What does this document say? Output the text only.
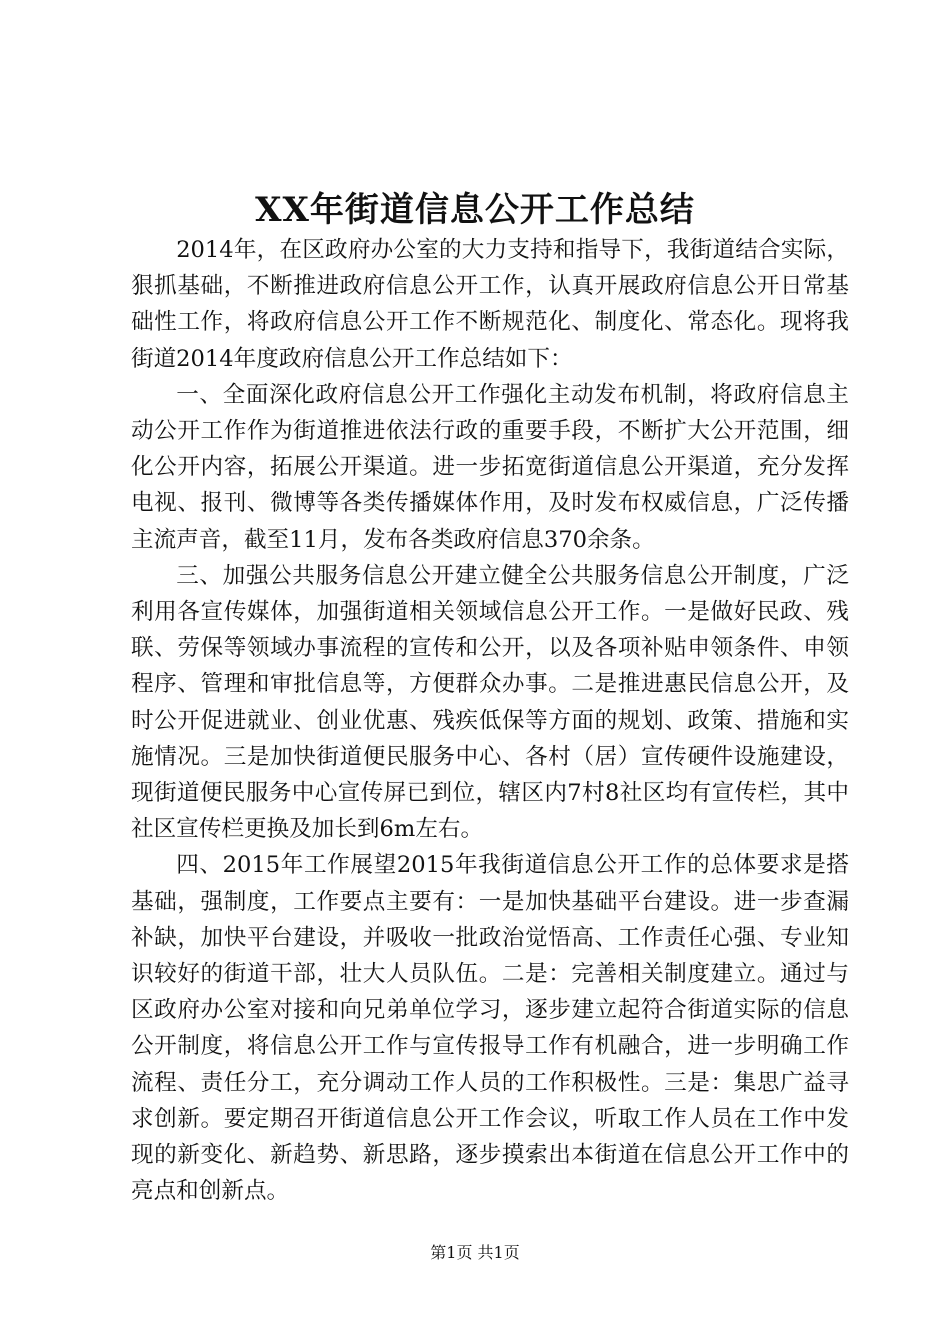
XX年街道信息公开工作总结

2014年，在区政府办公室的大力支持和指导下，我街道结合实际，狠抓基础，不断推进政府信息公开工作，认真开展政府信息公开日常基础性工作，将政府信息公开工作不断规范化、制度化、常态化。现将我街道2014年度政府信息公开工作总结如下：

一、全面深化政府信息公开工作强化主动发布机制，将政府信息主动公开工作作为街道推进依法行政的重要手段，不断扩大公开范围，细化公开内容，拓展公开渠道。进一步拓宽街道信息公开渠道，充分发挥电视、报刊、微博等各类传播媒体作用，及时发布权威信息，广泛传播主流声音，截至11月，发布各类政府信息370余条。

三、加强公共服务信息公开建立健全公共服务信息公开制度，广泛利用各宣传媒体，加强街道相关领域信息公开工作。一是做好民政、残联、劳保等领域办事流程的宣传和公开，以及各项补贴申领条件、申领程序、管理和审批信息等，方便群众办事。二是推进惠民信息公开，及时公开促进就业、创业优惠、残疾低保等方面的规划、政策、措施和实施情况。三是加快街道便民服务中心、各村（居）宣传硬件设施建设，现街道便民服务中心宣传屏已到位，辖区内7村8社区均有宣传栏，其中社区宣传栏更换及加长到6m左右。

四、2015年工作展望2015年我街道信息公开工作的总体要求是搭基础，强制度，工作要点主要有：一是加快基础平台建设。进一步查漏补缺，加快平台建设，并吸收一批政治觉悟高、工作责任心强、专业知识较好的街道干部，壮大人员队伍。二是：完善相关制度建立。通过与区政府办公室对接和向兄弟单位学习，逐步建立起符合街道实际的信息公开制度，将信息公开工作与宣传报导工作有机融合，进一步明确工作流程、责任分工，充分调动工作人员的工作积极性。三是：集思广益寻求创新。要定期召开街道信息公开工作会议，听取工作人员在工作中发现的新变化、新趋势、新思路，逐步摸索出本街道在信息公开工作中的亮点和创新点。

第1页 共1页
